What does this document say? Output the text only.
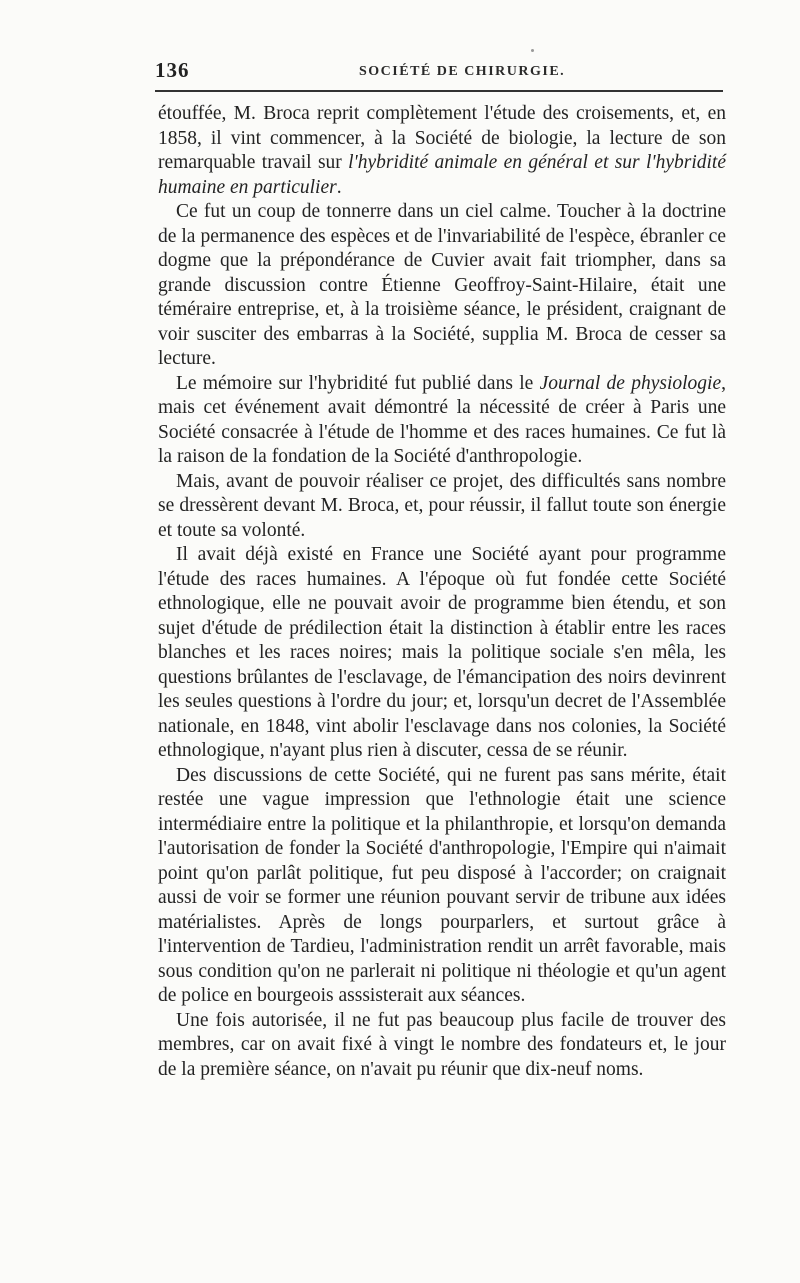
136	SOCIÉTÉ DE CHIRURGIE.

étouffée, M. Broca reprit complètement l'étude des croisements, et, en 1858, il vint commencer, à la Société de biologie, la lecture de son remarquable travail sur l'hybridité animale en général et sur l'hybridité humaine en particulier.

Ce fut un coup de tonnerre dans un ciel calme. Toucher à la doctrine de la permanence des espèces et de l'invariabilité de l'espèce, ébranler ce dogme que la prépondérance de Cuvier avait fait triompher, dans sa grande discussion contre Étienne Geoffroy-Saint-Hilaire, était une téméraire entreprise, et, à la troisième séance, le président, craignant de voir susciter des embarras à la Société, supplia M. Broca de cesser sa lecture.

Le mémoire sur l'hybridité fut publié dans le Journal de physiologie, mais cet événement avait démontré la nécessité de créer à Paris une Société consacrée à l'étude de l'homme et des races humaines. Ce fut là la raison de la fondation de la Société d'anthropologie.

Mais, avant de pouvoir réaliser ce projet, des difficultés sans nombre se dressèrent devant M. Broca, et, pour réussir, il fallut toute son énergie et toute sa volonté.

Il avait déjà existé en France une Société ayant pour programme l'étude des races humaines. A l'époque où fut fondée cette Société ethnologique, elle ne pouvait avoir de programme bien étendu, et son sujet d'étude de prédilection était la distinction à établir entre les races blanches et les races noires; mais la politique sociale s'en mêla, les questions brûlantes de l'esclavage, de l'émancipation des noirs devinrent les seules questions à l'ordre du jour; et, lorsqu'un decret de l'Assemblée nationale, en 1848, vint abolir l'esclavage dans nos colonies, la Société ethnologique, n'ayant plus rien à discuter, cessa de se réunir.

Des discussions de cette Société, qui ne furent pas sans mérite, était restée une vague impression que l'ethnologie était une science intermédiaire entre la politique et la philanthropie, et lorsqu'on demanda l'autorisation de fonder la Société d'anthropologie, l'Empire qui n'aimait point qu'on parlât politique, fut peu disposé à l'accorder; on craignait aussi de voir se former une réunion pouvant servir de tribune aux idées matérialistes. Après de longs pourparlers, et surtout grâce à l'intervention de Tardieu, l'administration rendit un arrêt favorable, mais sous condition qu'on ne parlerait ni politique ni théologie et qu'un agent de police en bourgeois asssisterait aux séances.

Une fois autorisée, il ne fut pas beaucoup plus facile de trouver des membres, car on avait fixé à vingt le nombre des fondateurs et, le jour de la première séance, on n'avait pu réunir que dix-neuf noms.
